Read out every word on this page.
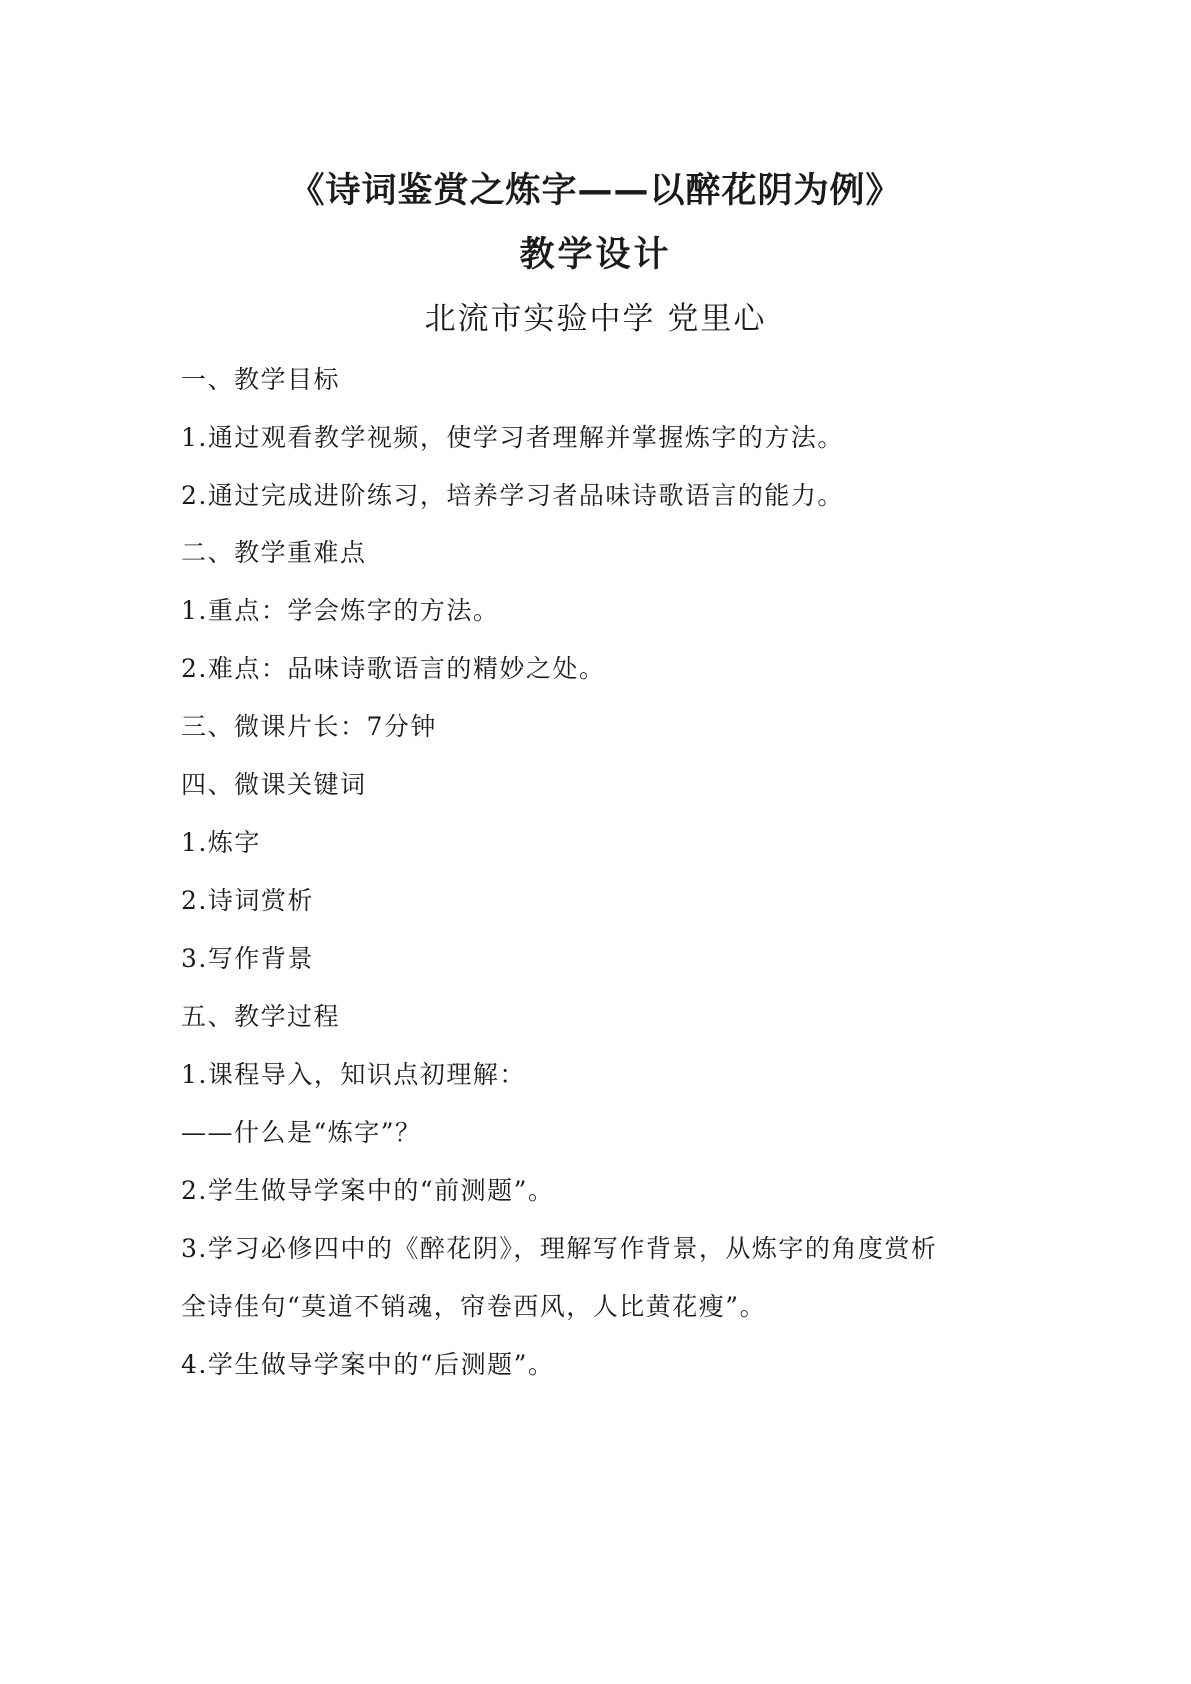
《诗词鉴赏之炼字——以醉花阴为例》
教学设计

北流市实验中学 党里心

一、教学目标

1.通过观看教学视频，使学习者理解并掌握炼字的方法。

2.通过完成进阶练习，培养学习者品味诗歌语言的能力。

二、教学重难点

1.重点：学会炼字的方法。

2.难点：品味诗歌语言的精妙之处。

三、微课片长：7分钟

四、微课关键词

1.炼字

2.诗词赏析

3.写作背景

五、教学过程

1.课程导入，知识点初理解：

——什么是“炼字”？

2.学生做导学案中的“前测题”。

3.学习必修四中的《醉花阴》，理解写作背景，从炼字的角度赏析

全诗佳句“莫道不销魂，帘卷西风，人比黄花瘦”。

4.学生做导学案中的“后测题”。
